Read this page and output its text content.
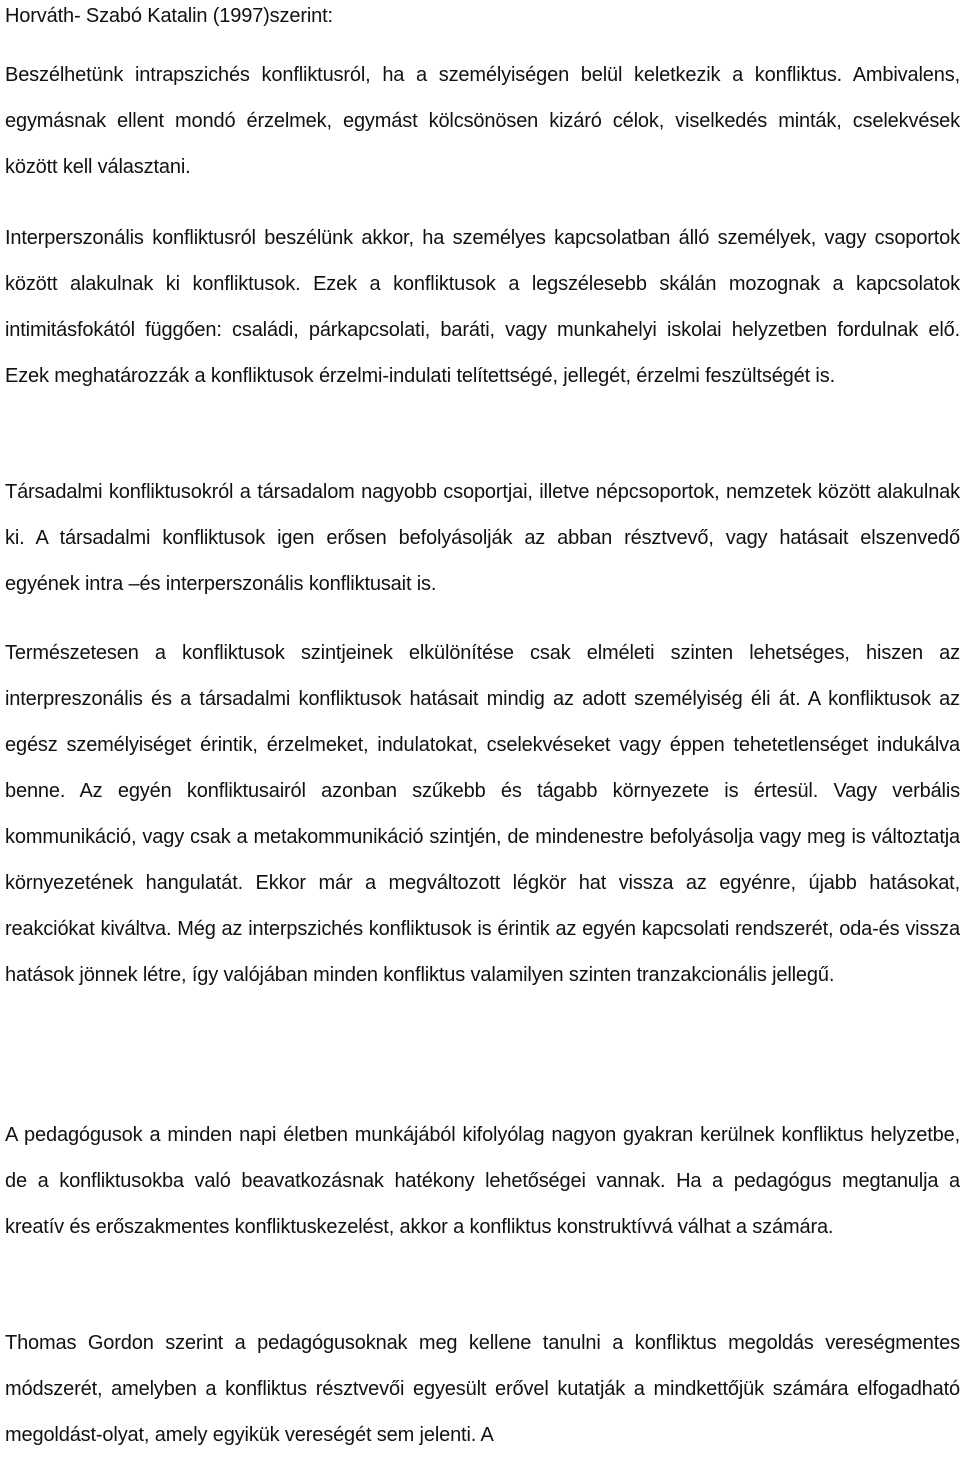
Horváth- Szabó Katalin (1997)szerint:

Beszélhetünk intrapszichés konfliktusról, ha a személyiségen belül keletkezik a konfliktus. Ambivalens, egymásnak ellent mondó érzelmek, egymást kölcsönösen kizáró célok, viselkedés minták, cselekvések között kell választani.

Interperszonális konfliktusról beszélünk akkor, ha személyes kapcsolatban álló személyek, vagy csoportok között alakulnak ki konfliktusok. Ezek a konfliktusok a legszélesebb skálán mozognak a kapcsolatok intimitásfokától függően: családi, párkapcsolati, baráti, vagy munkahelyi iskolai helyzetben fordulnak elő. Ezek meghatározzák a konfliktusok érzelmi-indulati telítettségé, jellegét, érzelmi feszültségét is.

Társadalmi konfliktusokról a társadalom nagyobb csoportjai, illetve népcsoportok, nemzetek között alakulnak ki. A társadalmi konfliktusok igen erősen befolyásolják az abban résztvevő, vagy hatásait elszenvedő egyének intra –és interperszonális konfliktusait is.

Természetesen a konfliktusok szintjeinek elkülönítése csak elméleti szinten lehetséges, hiszen az interpreszonális és a társadalmi konfliktusok hatásait mindig az adott személyiség éli át. A konfliktusok az egész személyiséget érintik, érzelmeket, indulatokat, cselekvéseket vagy éppen tehetetlenséget indukálva benne. Az egyén konfliktusairól azonban szűkebb és tágabb környezete is értesül. Vagy verbális kommunikáció, vagy csak a metakommunikáció szintjén, de mindenestre befolyásolja vagy meg is változtatja környezetének hangulatát. Ekkor már a megváltozott légkör hat vissza az egyénre, újabb hatásokat, reakciókat kiváltva. Még az interpszichés konfliktusok is érintik az egyén kapcsolati rendszerét, oda-és vissza hatások jönnek létre, így valójában minden konfliktus valamilyen szinten tranzakcionális jellegű.

A pedagógusok a minden napi életben munkájából kifolyólag nagyon gyakran kerülnek konfliktus helyzetbe, de a konfliktusokba való beavatkozásnak hatékony lehetőségei vannak. Ha a pedagógus megtanulja a kreatív és erőszakmentes konfliktuskezelést, akkor a konfliktus konstruktívvá válhat a számára.

Thomas Gordon szerint a pedagógusoknak meg kellene tanulni a konfliktus megoldás vereségmentes módszerét, amelyben a konfliktus résztvevői egyesült erővel kutatják a mindkettőjük számára elfogadható megoldást-olyat, amely egyikük vereségét sem jelenti. A
